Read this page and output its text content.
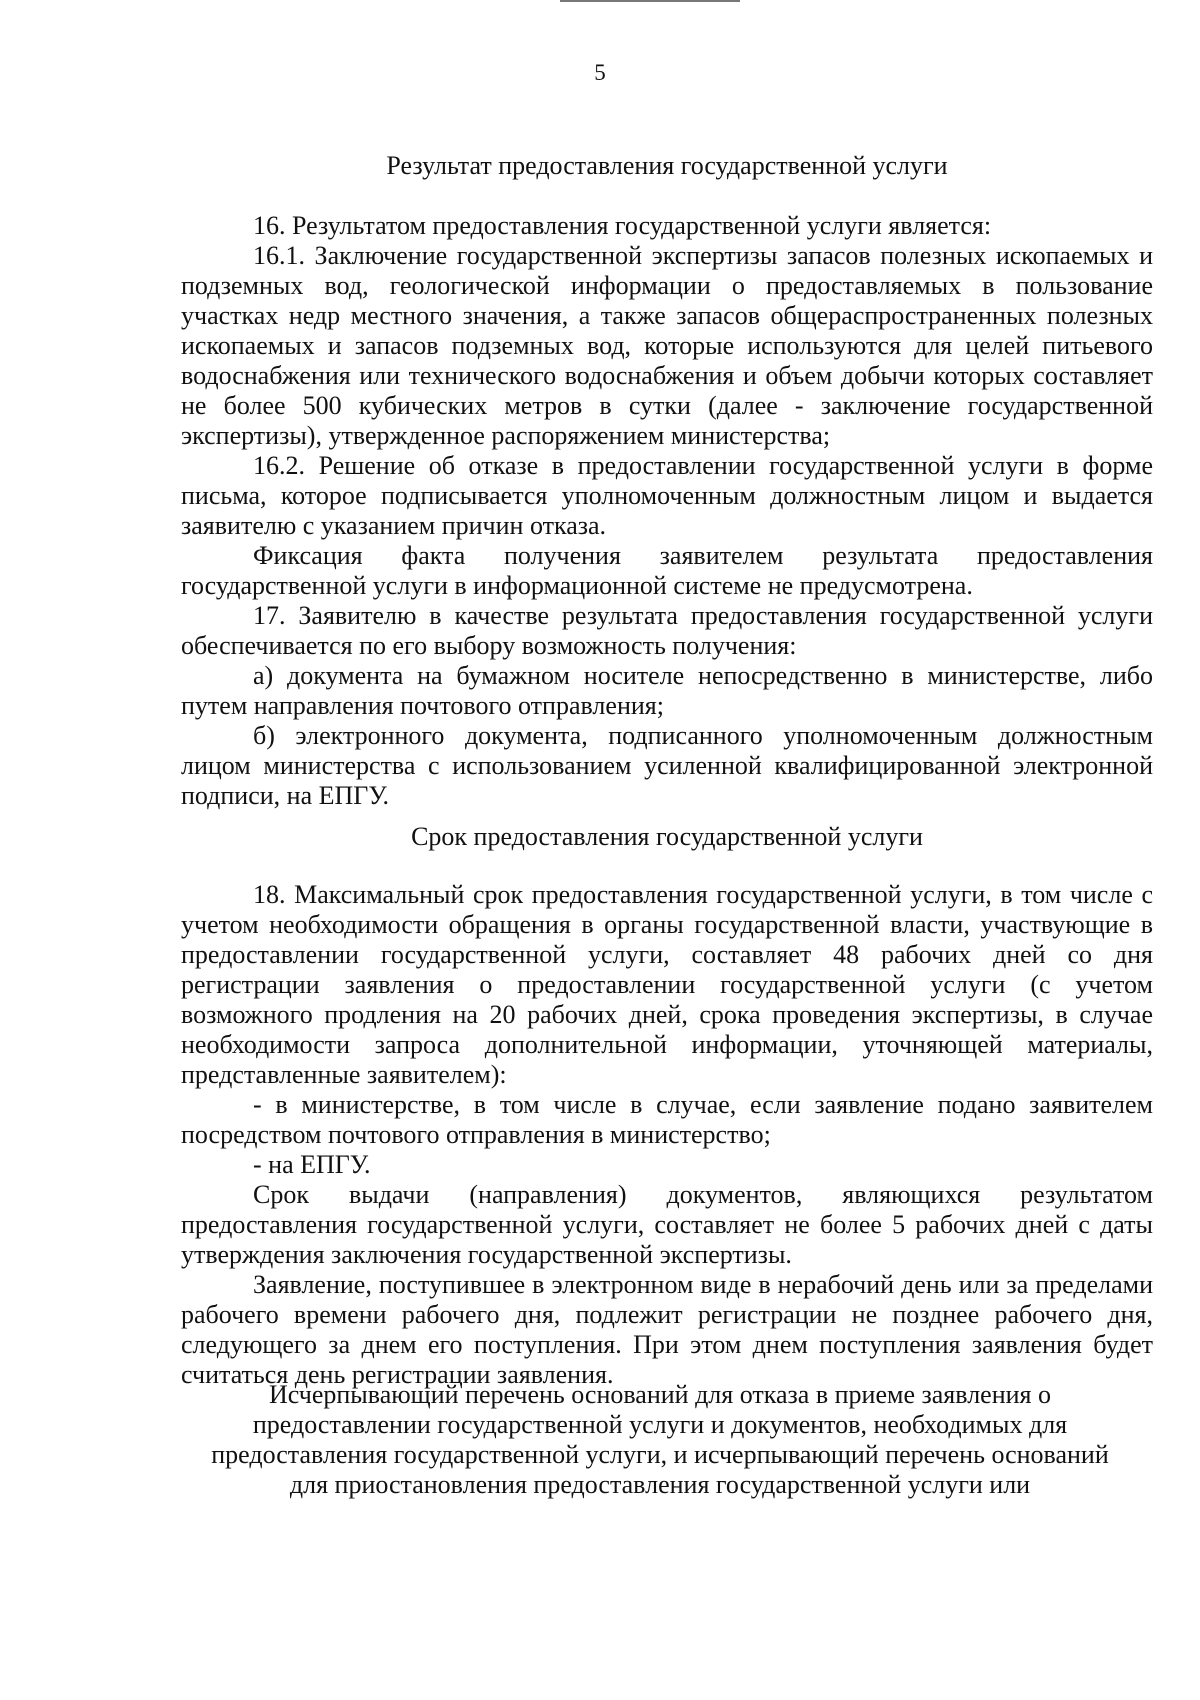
5
Результат предоставления государственной услуги

16. Результатом предоставления государственной услуги является:

16.1. Заключение государственной экспертизы запасов полезных ископаемых и подземных вод, геологической информации о предоставляемых в пользование участках недр местного значения, а также запасов общераспространенных полезных ископаемых и запасов подземных вод, которые используются для целей питьевого водоснабжения или технического водоснабжения и объем добычи которых составляет не более 500 кубических метров в сутки (далее - заключение государственной экспертизы), утвержденное распоряжением министерства;

16.2. Решение об отказе в предоставлении государственной услуги в форме письма, которое подписывается уполномоченным должностным лицом и выдается заявителю с указанием причин отказа.

Фиксация факта получения заявителем результата предоставления государственной услуги в информационной системе не предусмотрена.

17. Заявителю в качестве результата предоставления государственной услуги обеспечивается по его выбору возможность получения:

а) документа на бумажном носителе непосредственно в министерстве, либо путем направления почтового отправления;

б) электронного документа, подписанного уполномоченным должностным лицом министерства с использованием усиленной квалифицированной электронной подписи, на ЕПГУ.

Срок предоставления государственной услуги

18. Максимальный срок предоставления государственной услуги, в том числе с учетом необходимости обращения в органы государственной власти, участвующие в предоставлении государственной услуги, составляет 48 рабочих дней со дня регистрации заявления о предоставлении государственной услуги (с учетом возможного продления на 20 рабочих дней, срока проведения экспертизы, в случае необходимости запроса дополнительной информации, уточняющей материалы, представленные заявителем):

- в министерстве, в том числе в случае, если заявление подано заявителем посредством почтового отправления в министерство;

- на ЕПГУ.

Срок выдачи (направления) документов, являющихся результатом предоставления государственной услуги, составляет не более 5 рабочих дней с даты утверждения заключения государственной экспертизы.

Заявление, поступившее в электронном виде в нерабочий день или за пределами рабочего времени рабочего дня, подлежит регистрации не позднее рабочего дня, следующего за днем его поступления. При этом днем поступления заявления будет считаться день регистрации заявления.

Исчерпывающий перечень оснований для отказа в приеме заявления о предоставлении государственной услуги и документов, необходимых для предоставления государственной услуги, и исчерпывающий перечень оснований для приостановления предоставления государственной услуги или
